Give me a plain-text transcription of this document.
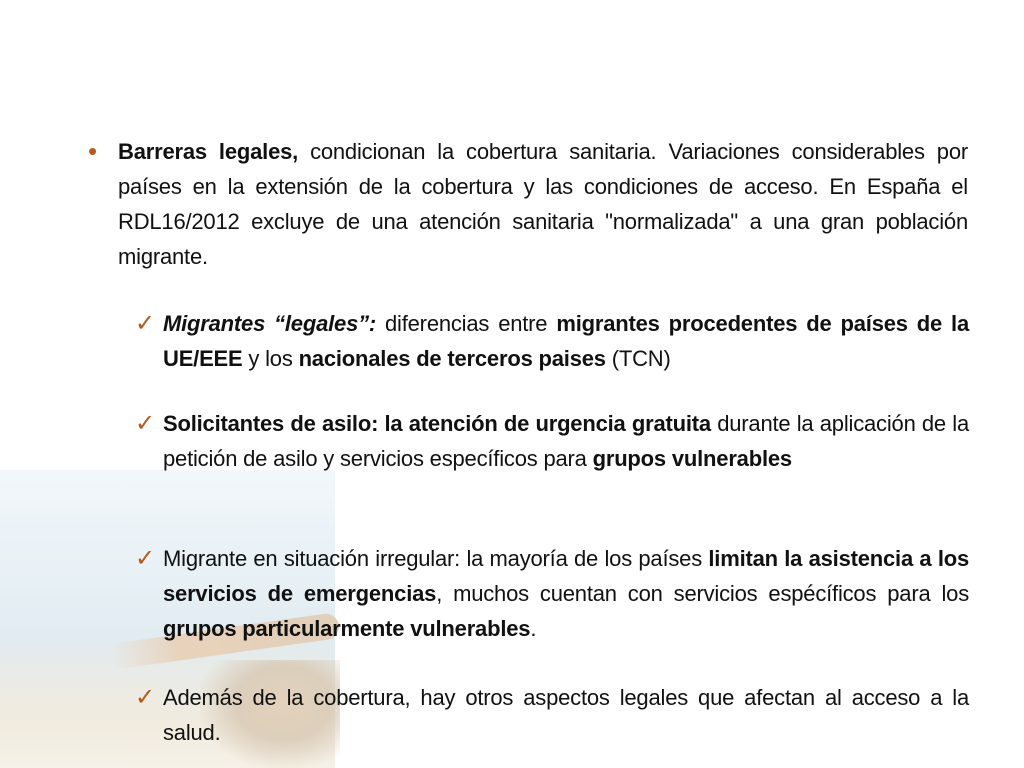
• Barreras legales, condicionan la cobertura sanitaria. Variaciones considerables por países en la extensión de la cobertura y las condiciones de acceso. En España el RDL16/2012 excluye de una atención sanitaria "normalizada" a una gran población migrante.
✓ Migrantes “legales”: diferencias entre migrantes procedentes de países de la UE/EEE y los nacionales de terceros paises (TCN)
✓ Solicitantes de asilo: la atención de urgencia gratuita durante la aplicación de la petición de asilo y servicios específicos para grupos vulnerables
✓ Migrante en situación irregular: la mayoría de los países limitan la asistencia a los servicios de emergencias, muchos cuentan con servicios espécíficos para los grupos particularmente vulnerables.
✓ Además de la cobertura, hay otros aspectos legales que afectan al acceso a la salud.
